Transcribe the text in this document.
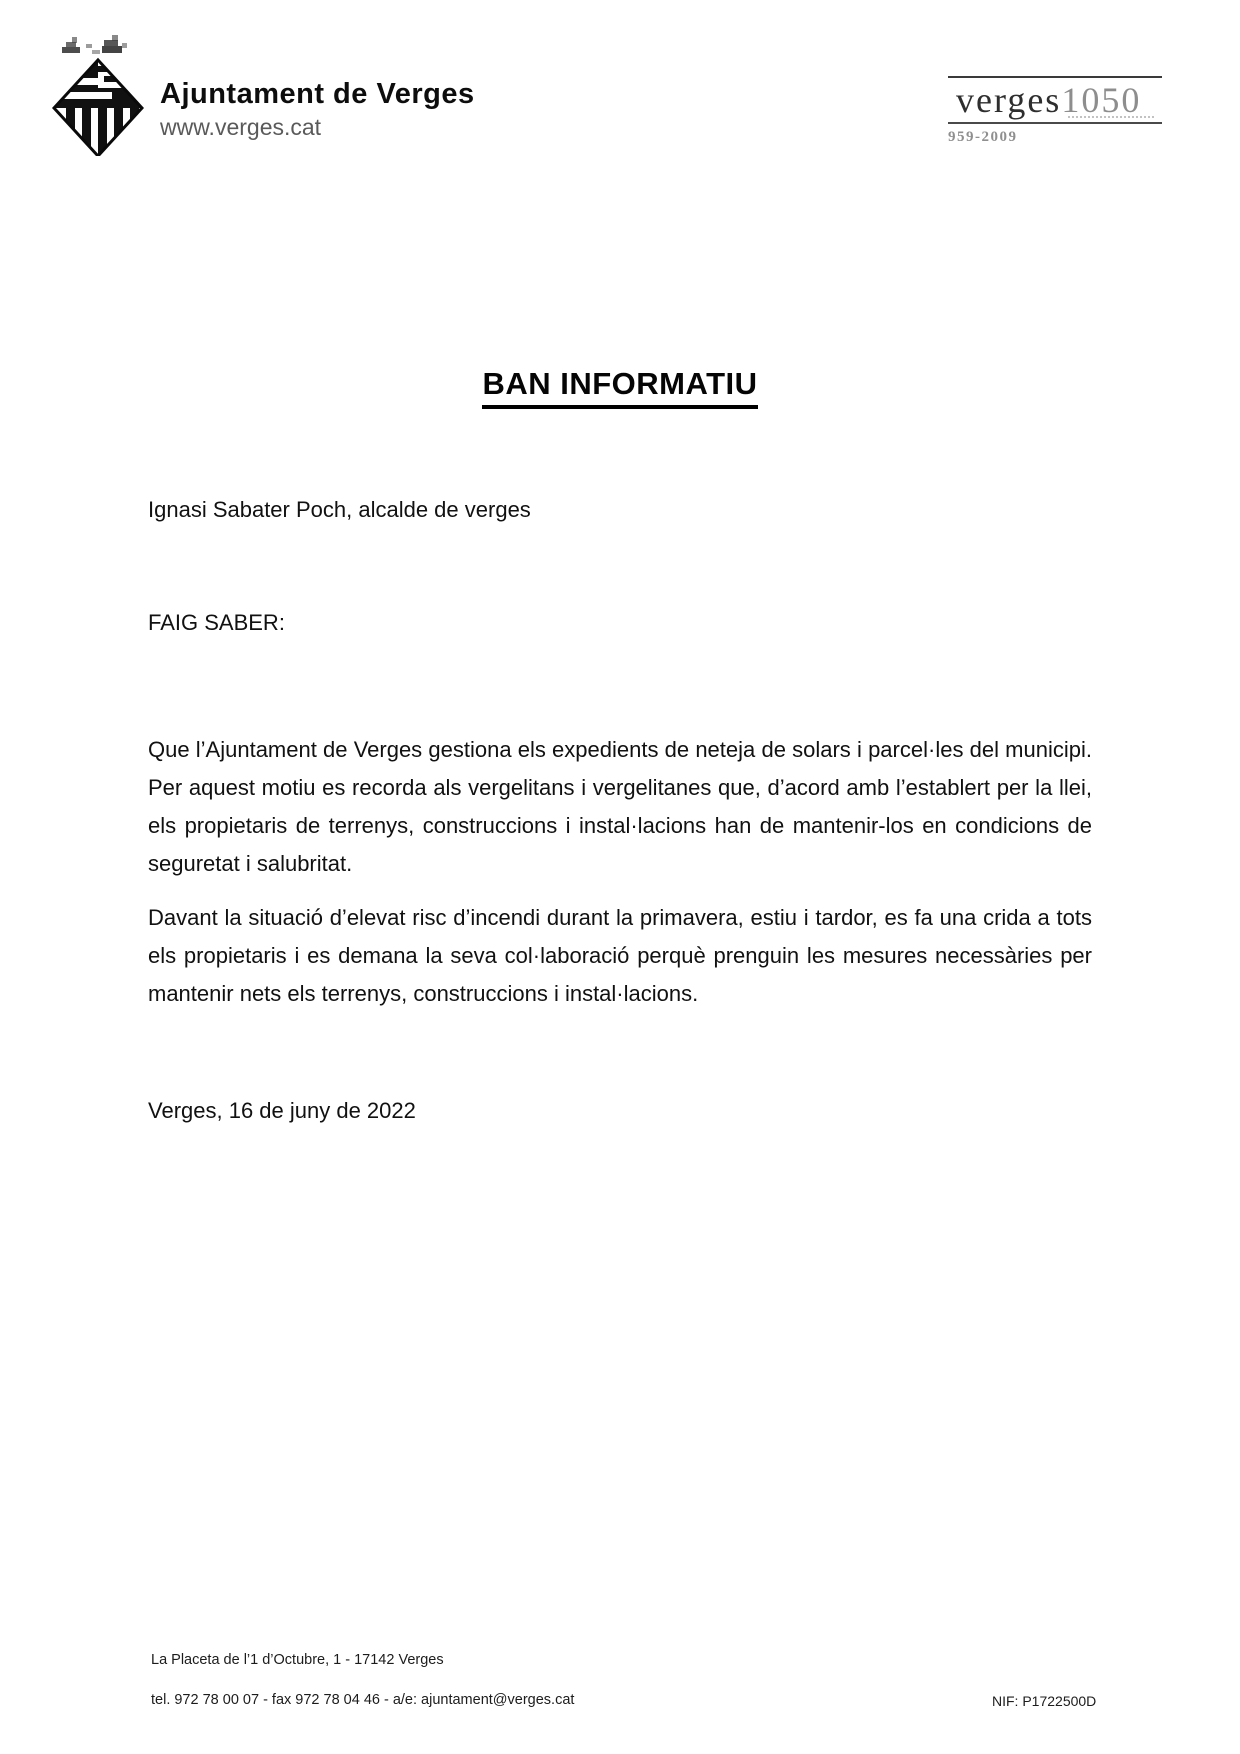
Ajuntament de Verges
www.verges.cat
verges1050
959-2009
BAN INFORMATIU
Ignasi Sabater Poch, alcalde de verges
FAIG SABER:
Que l’Ajuntament de Verges gestiona els expedients de neteja de solars i parcel·les del municipi. Per aquest motiu es recorda als vergelitans i vergelitanes que, d’acord amb l’establert per la llei, els propietaris de terrenys, construccions i instal·lacions han de mantenir-los en condicions de seguretat i salubritat.
Davant la situació d’elevat risc d’incendi durant la primavera, estiu i tardor, es fa una crida a tots els propietaris i es demana la seva col·laboració perquè prenguin les mesures necessàries per mantenir nets els terrenys, construccions i instal·lacions.
Verges, 16 de juny de 2022
La Placeta de l’1 d’Octubre, 1 - 17142 Verges
tel. 972 78 00 07 - fax 972 78 04 46 - a/e: ajuntament@verges.cat	NIF: P1722500D
